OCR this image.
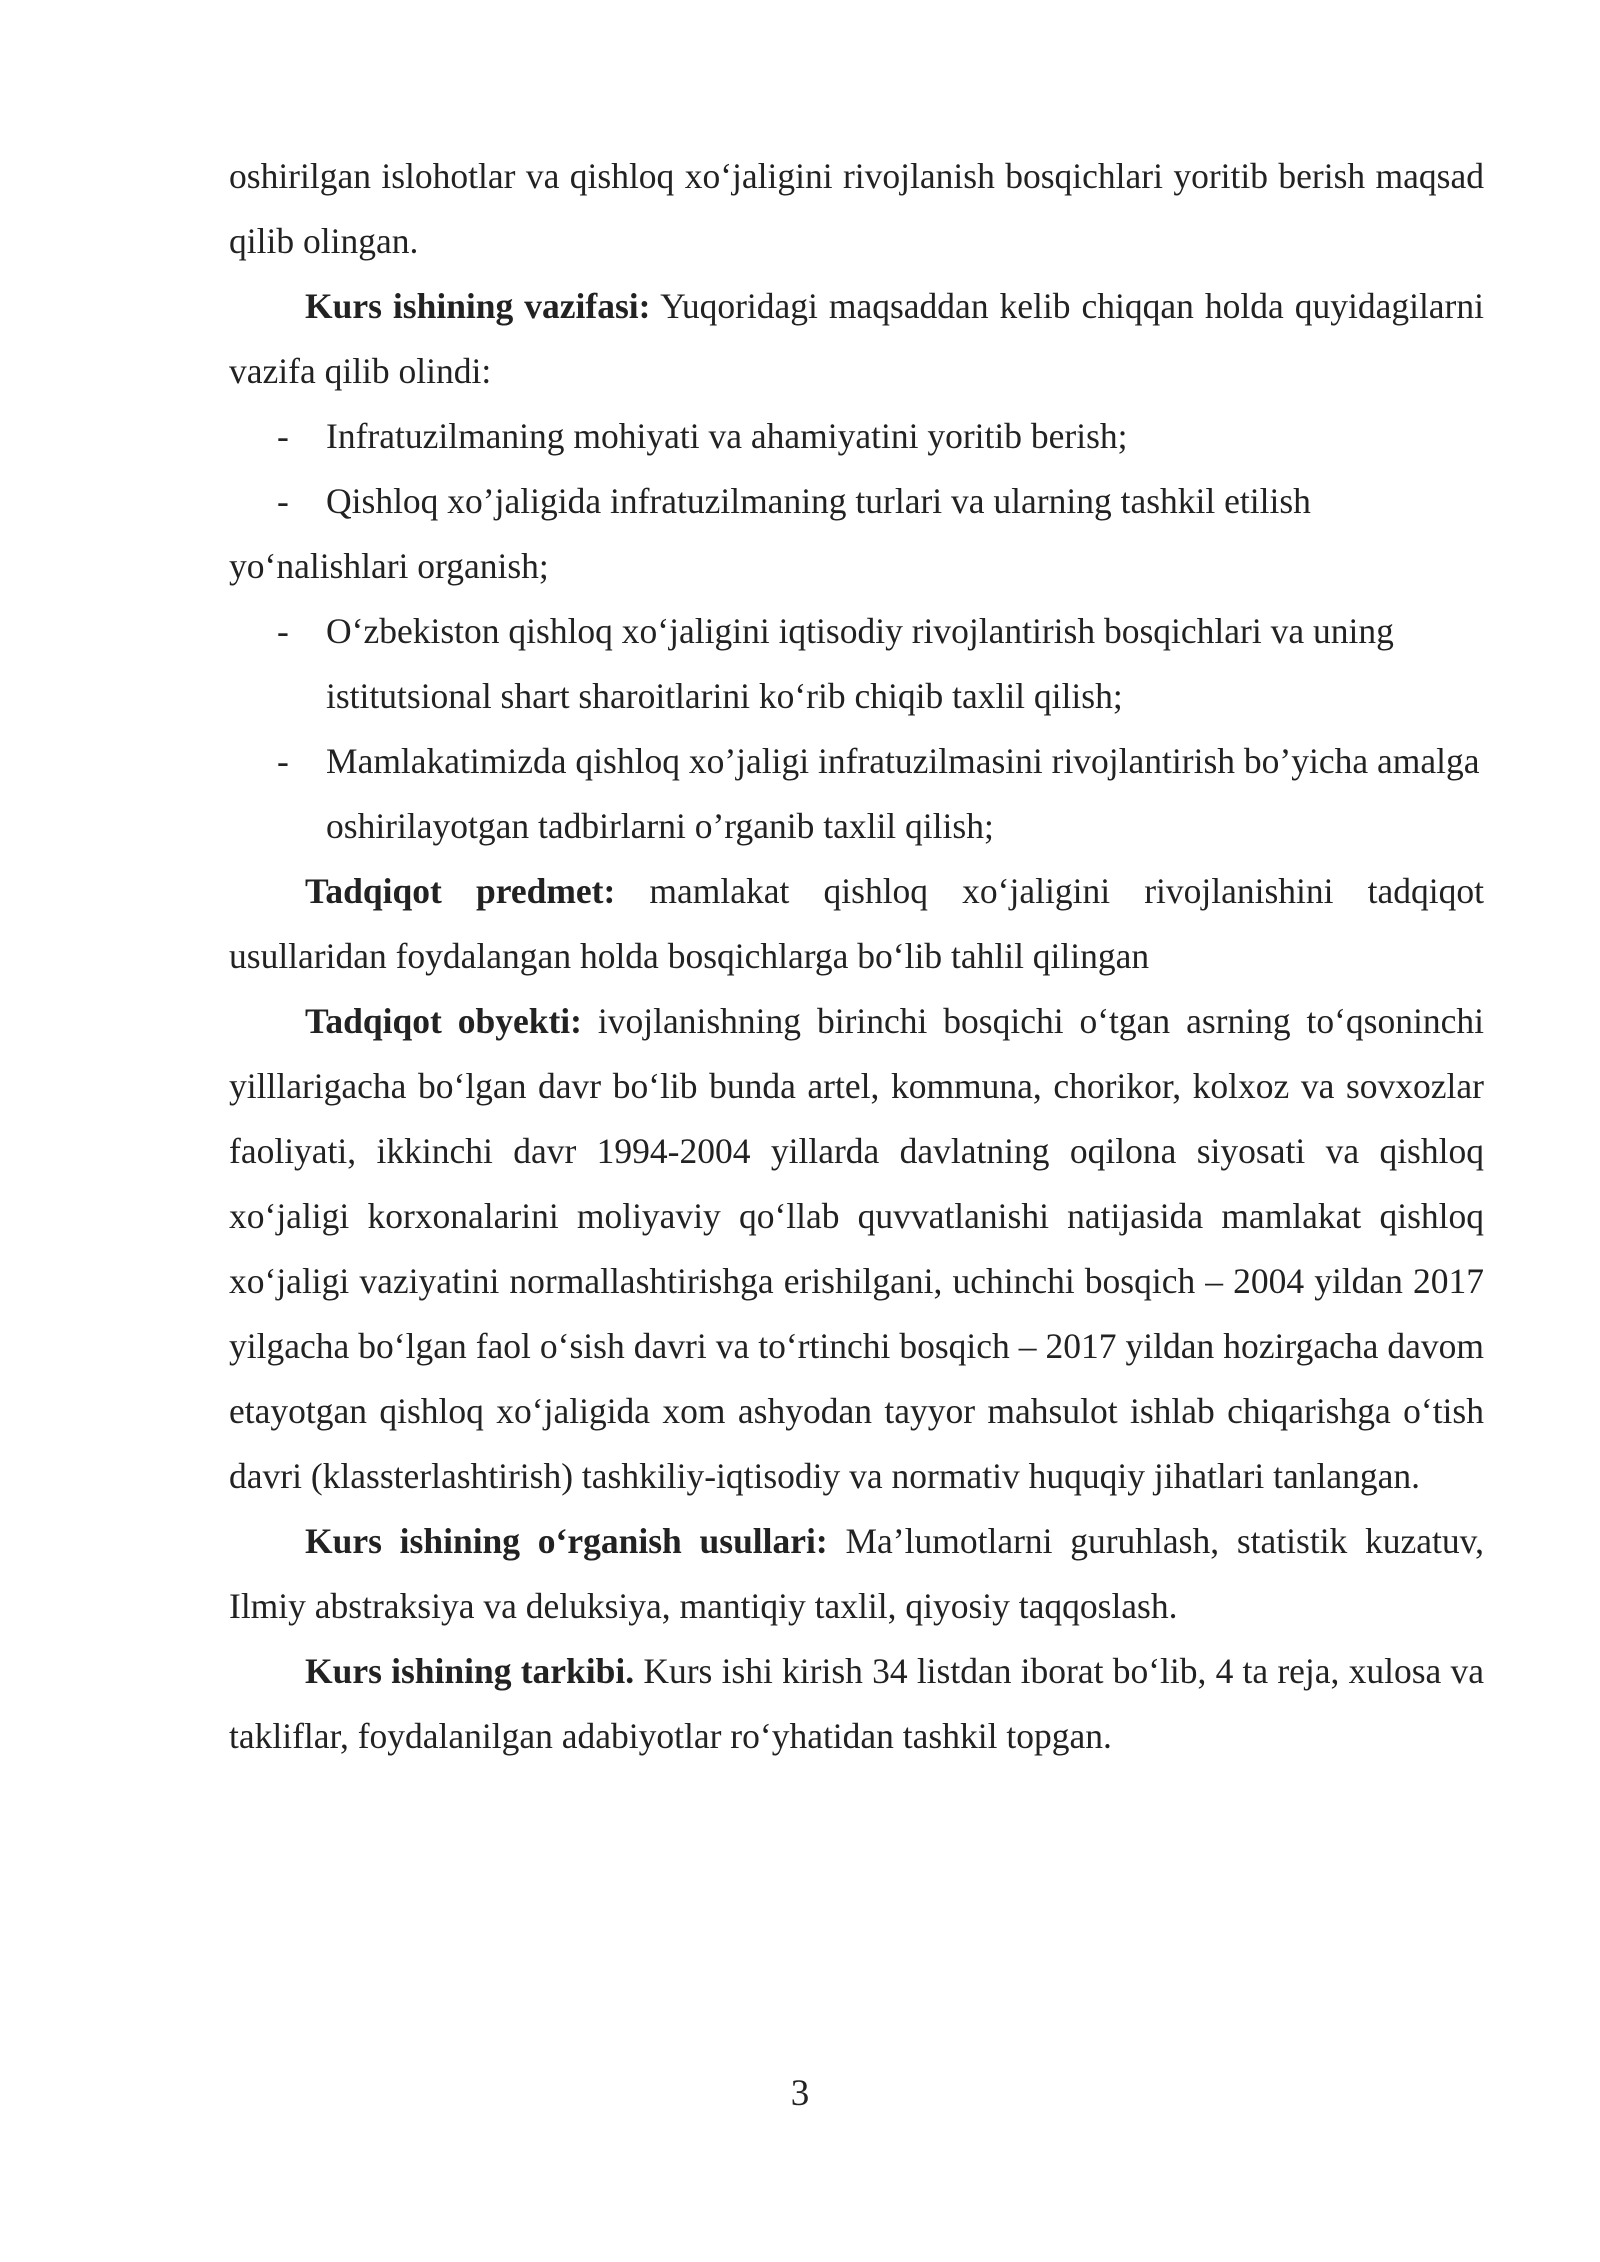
oshirilgan islohotlar va qishloq xo‘jaligini rivojlanish bosqichlari yoritib berish maqsad qilib olingan.

Kurs ishining vazifasi: Yuqoridagi maqsaddan kelib chiqqan holda quyidagilarni vazifa qilib olindi:

- Infratuzilmaning mohiyati va ahamiyatini yoritib berish;
- Qishloq xo’jaligida infratuzilmaning turlari va ularning tashkil etilish yo‘nalishlari organish;
- O‘zbekiston qishloq xo‘jaligini iqtisodiy rivojlantirish bosqichlari va uning istitutsional shart sharoitlarini ko‘rib chiqib taxlil qilish;
- Mamlakatimizda qishloq xo’jaligi infratuzilmasini rivojlantirish bo’yicha amalga oshirilayotgan tadbirlarni o’rganib taxlil qilish;

Tadqiqot predmet: mamlakat qishloq xo‘jaligini rivojlanishini tadqiqot usullaridan foydalangan holda bosqichlarga bo‘lib tahlil qilingan

Tadqiqot obyekti: ivojlanishning birinchi bosqichi o‘tgan asrning to‘qsoninchi yilllarigacha bo‘lgan davr bo‘lib bunda artel, kommuna, chorikor, kolxoz va sovxozlar faoliyati, ikkinchi davr 1994-2004 yillarda davlatning oqilona siyosati va qishloq xo‘jaligi korxonalarini moliyaviy qo‘llab quvvatlanishi natijasida mamlakat qishloq xo‘jaligi vaziyatini normallashtirishga erishilgani, uchinchi bosqich – 2004 yildan 2017 yilgacha bo‘lgan faol o‘sish davri va to‘rtinchi bosqich – 2017 yildan hozirgacha davom etayotgan qishloq xo‘jaligida xom ashyodan tayyor mahsulot ishlab chiqarishga o‘tish davri (klassterlashtirish) tashkiliy-iqtisodiy va normativ huquqiy jihatlari tanlangan.

Kurs ishining o‘rganish usullari: Ma’lumotlarni guruhlash, statistik kuzatuv, Ilmiy abstraksiya va deluksiya, mantiqiy taxlil, qiyosiy taqqoslash.

Kurs ishining tarkibi. Kurs ishi kirish 34 listdan iborat bo‘lib, 4 ta reja, xulosa va takliflar, foydalanilgan adabiyotlar ro‘yhatidan tashkil topgan.

3
